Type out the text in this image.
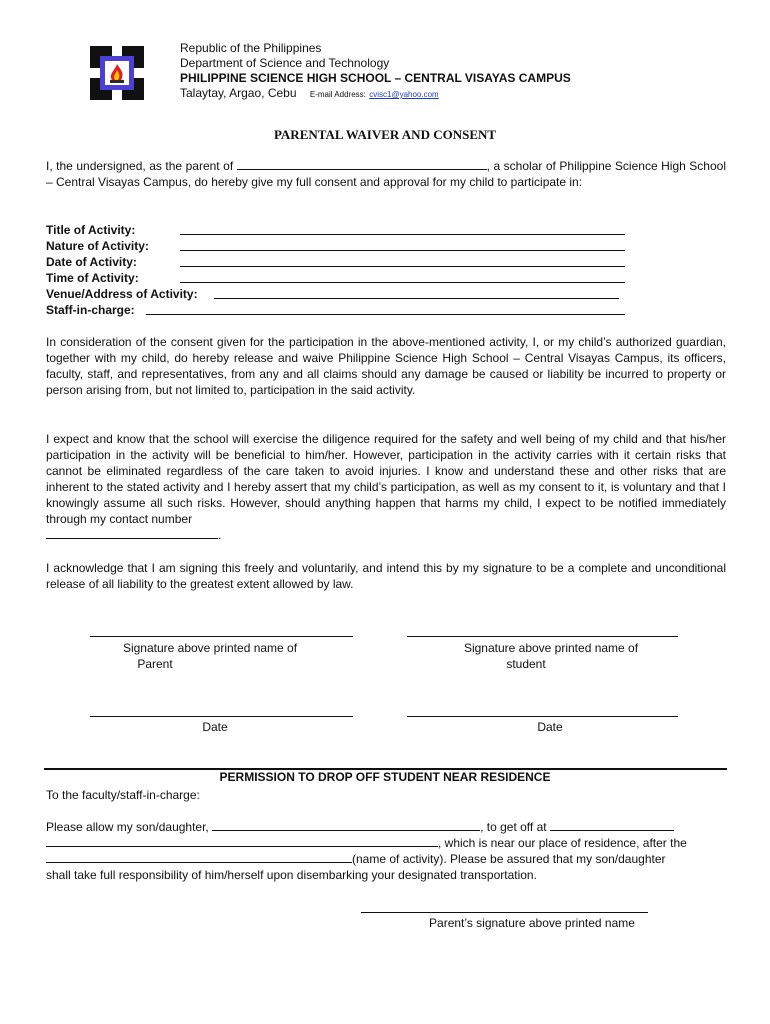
Republic of the Philippines
Department of Science and Technology
PHILIPPINE SCIENCE HIGH SCHOOL – CENTRAL VISAYAS CAMPUS
Talaytay, Argao, Cebu E-mail Address: cvisc1@yahoo.com
PARENTAL WAIVER AND CONSENT
I, the undersigned, as the parent of	, a scholar of Philippine Science High School – Central Visayas Campus, do hereby give my full consent and approval for my child to participate in:
Title of Activity:
Nature of Activity:
Date of Activity:
Time of Activity:
Venue/Address of Activity:
Staff-in-charge:
In consideration of the consent given for the participation in the above-mentioned activity, I, or my child’s authorized guardian, together with my child, do hereby release and waive Philippine Science High School – Central Visayas Campus, its officers, faculty, staff, and representatives, from any and all claims should any damage be caused or liability be incurred to property or person arising from, but not limited to, participation in the said activity.
I expect and know that the school will exercise the diligence required for the safety and well being of my child and that his/her participation in the activity will be beneficial to him/her. However, participation in the activity carries with it certain risks that cannot be eliminated regardless of the care taken to avoid injuries. I know and understand these and other risks that are inherent to the stated activity and I hereby assert that my child’s participation, as well as my consent to it, is voluntary and that I knowingly assume all such risks. However, should anything happen that harms my child, I expect to be notified immediately through my contact number
.
I acknowledge that I am signing this freely and voluntarily, and intend this by my signature to be a complete and unconditional release of all liability to the greatest extent allowed by law.
Signature above printed name of
Parent
Signature above printed name of
student
Date	Date
PERMISSION TO DROP OFF STUDENT NEAR RESIDENCE
To the faculty/staff-in-charge:
Please allow my son/daughter,	, to get off at
, which is near our place of residence, after the
(name of activity). Please be assured that my son/daughter
shall take full responsibility of him/herself upon disembarking your designated transportation.
Parent’s signature above printed name
